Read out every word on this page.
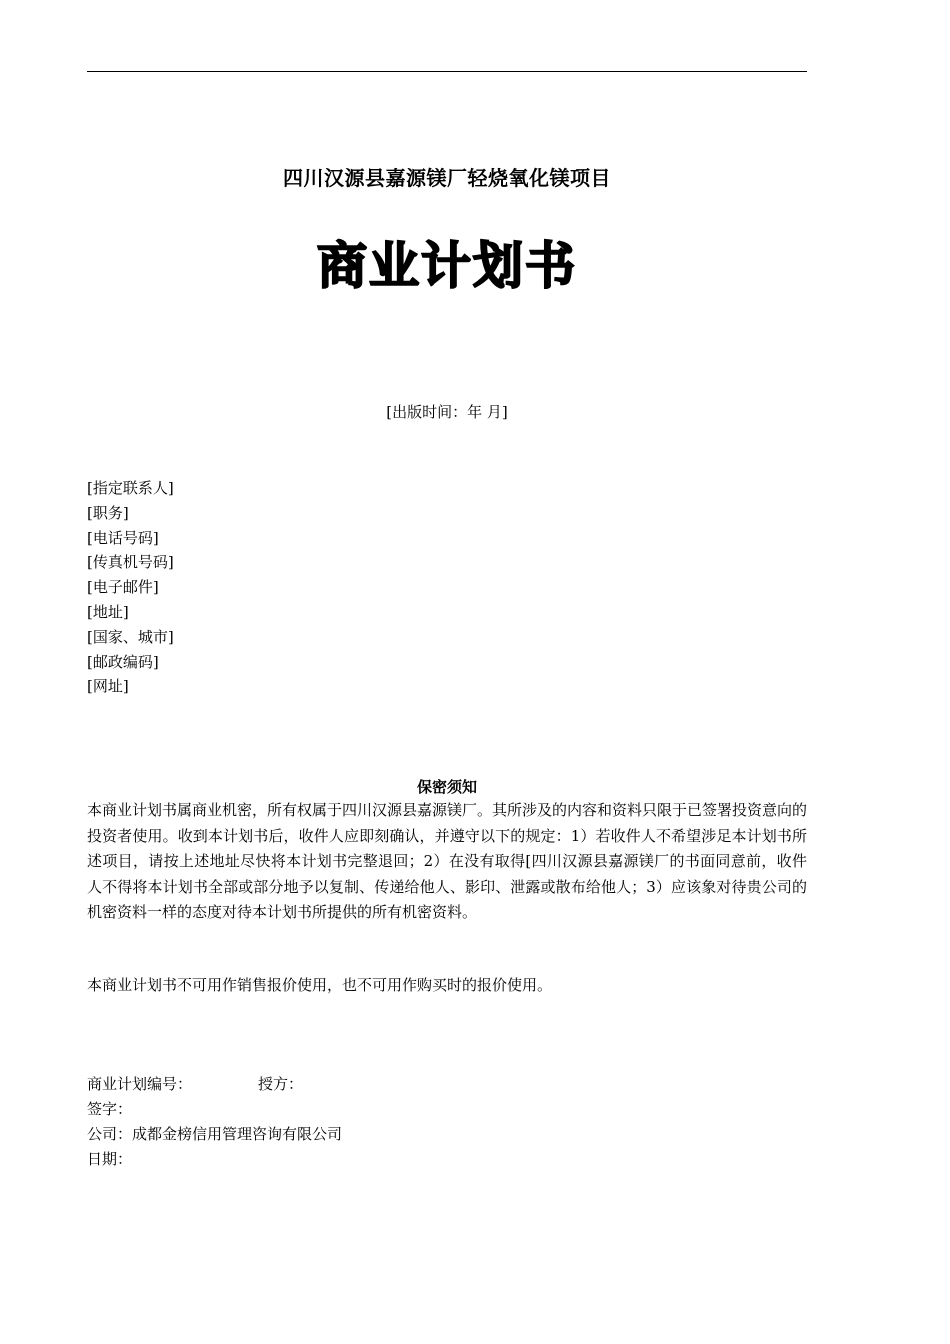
四川汉源县嘉源镁厂轻烧氧化镁项目
商业计划书
[出版时间：年 月]
[指定联系人]
[职务]
[电话号码]
[传真机号码]
[电子邮件]
[地址]
[国家、城市]
[邮政编码]
[网址]
保密须知

本商业计划书属商业机密，所有权属于四川汉源县嘉源镁厂。其所涉及的内容和资料只限于已签署投资意向的投资者使用。收到本计划书后，收件人应即刻确认，并遵守以下的规定：1）若收件人不希望涉足本计划书所述项目，请按上述地址尽快将本计划书完整退回；2）在没有取得[四川汉源县嘉源镁厂的书面同意前，收件人不得将本计划书全部或部分地予以复制、传递给他人、影印、泄露或散布给他人；3）应该象对待贵公司的机密资料一样的态度对待本计划书所提供的所有机密资料。

本商业计划书不可用作销售报价使用，也不可用作购买时的报价使用。

商业计划编号：	授方：
签字：
公司：成都金榜信用管理咨询有限公司
日期：
